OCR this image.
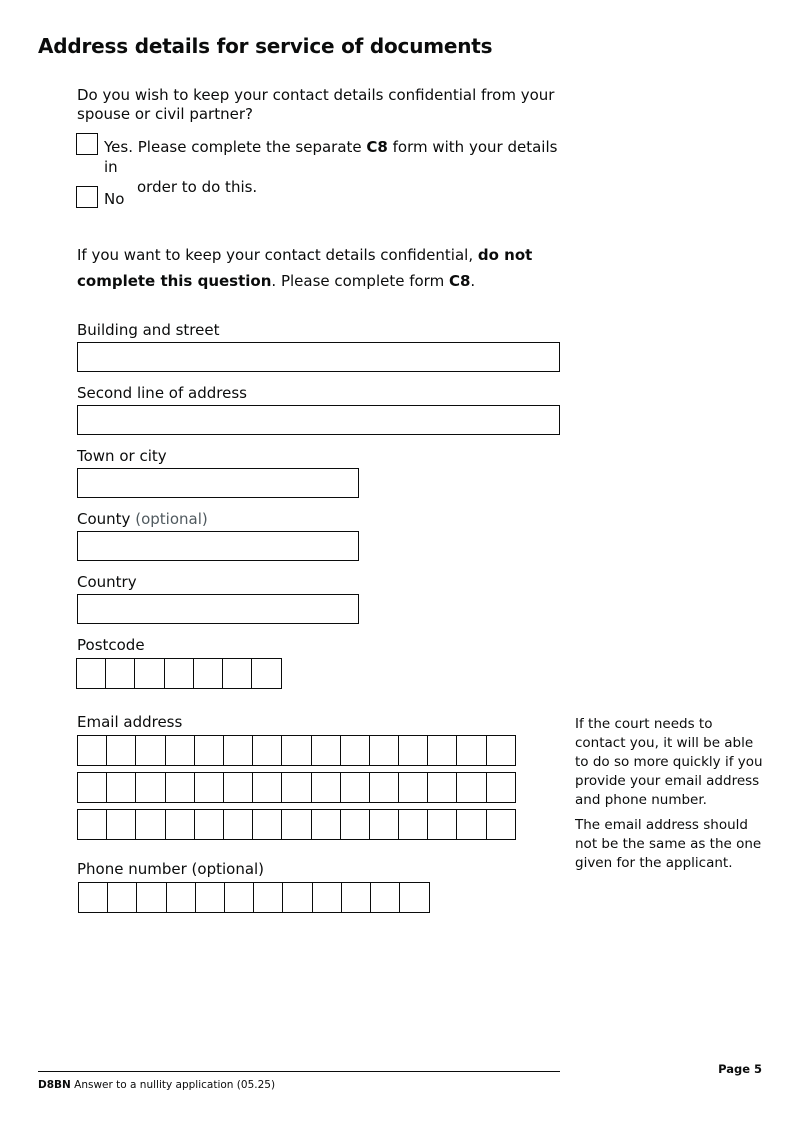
Address details for service of documents
Do you wish to keep your contact details confidential from your spouse or civil partner?
Yes. Please complete the separate C8 form with your details in
order to do this.
No
If you want to keep your contact details confidential, do not complete this question. Please complete form C8.
Building and street
Second line of address
Town or city
County (optional)
Country
Postcode
Email address
Phone number (optional)
If the court needs to contact you, it will be able to do so more quickly if you provide your email address and phone number.
The email address should not be the same as the one given for the applicant.
Page 5
D8BN Answer to a nullity application (05.25)
